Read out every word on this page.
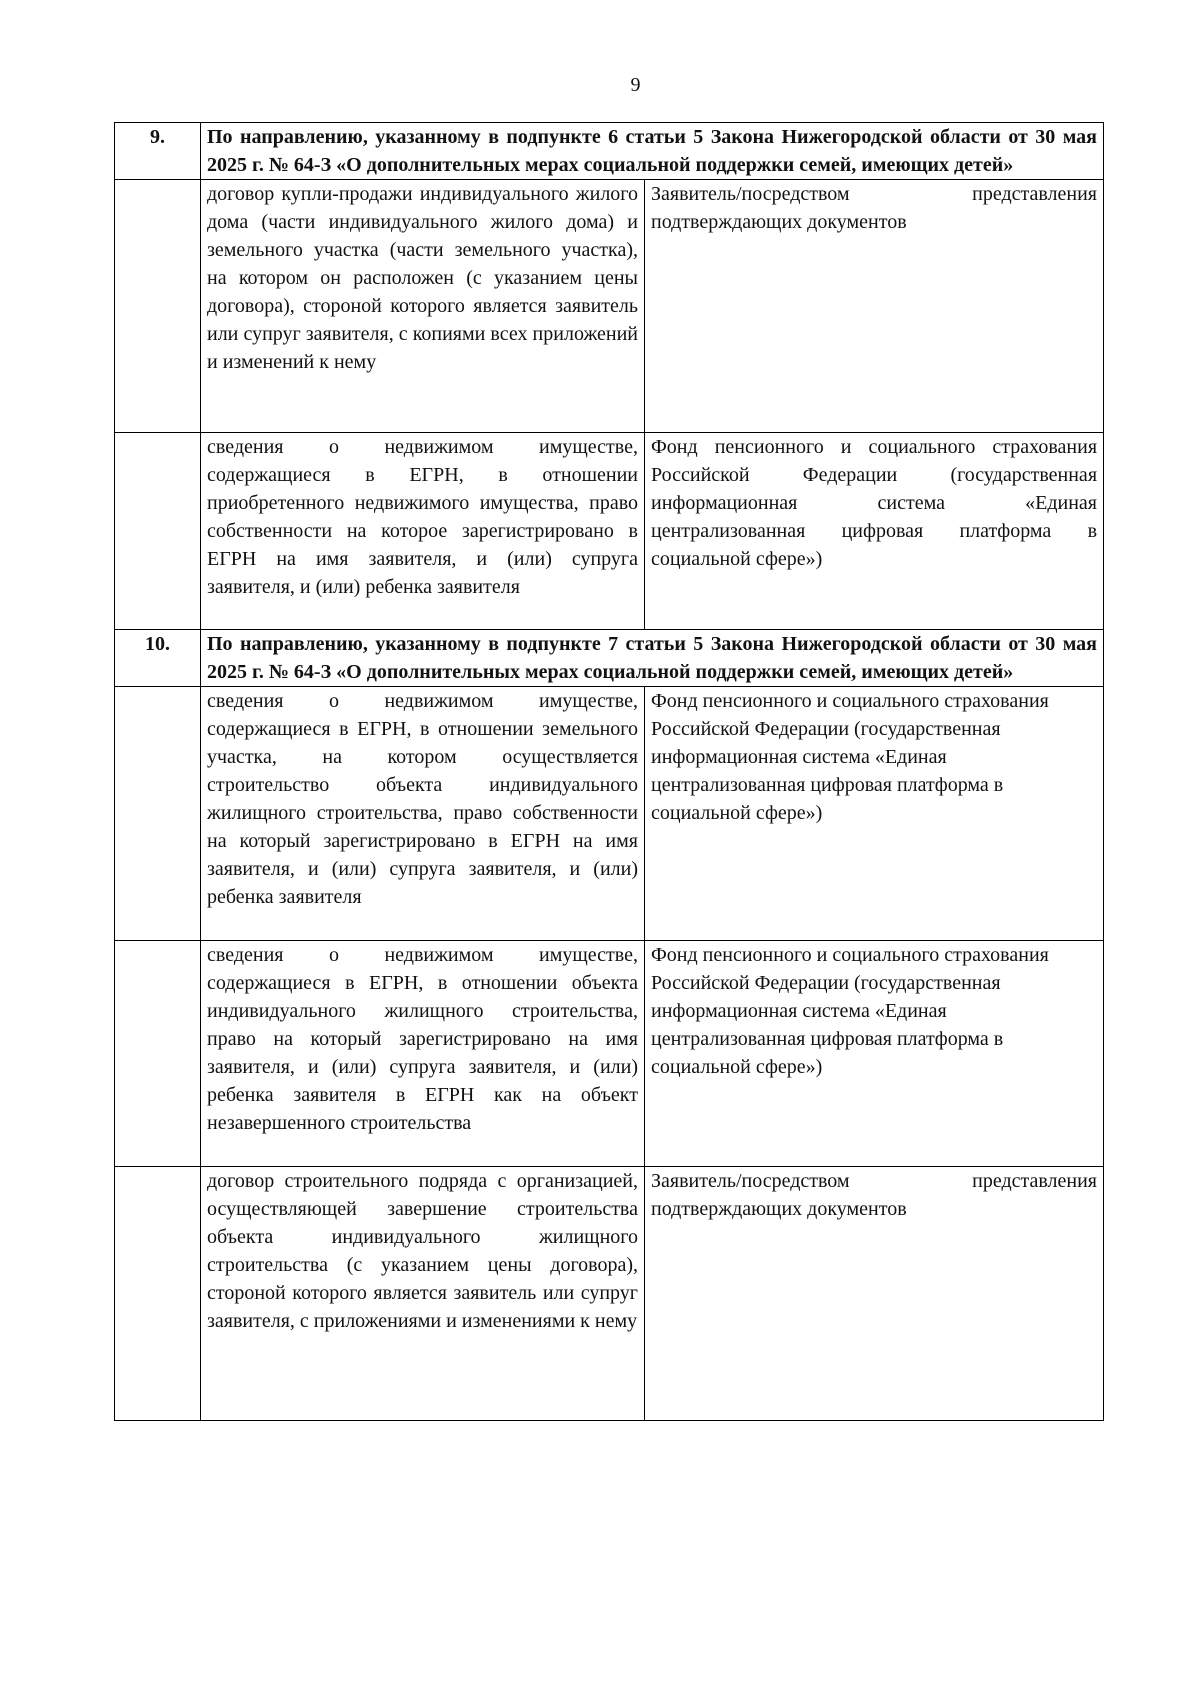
9
9.	По направлению, указанному в подпункте 6 статьи 5 Закона Нижегородской области от 30 мая 2025 г. № 64-З «О дополнительных мерах социальной поддержки семей, имеющих детей»	
	договор купли-продажи индивидуального жилого дома (части индивидуального жилого дома) и земельного участка (части земельного участка), на котором он расположен (с указанием цены договора), стороной которого является заявитель или супруг заявителя, с копиями всех приложений и изменений к нему	Заявитель/посредством представления подтверждающих документов
	сведения о недвижимом имуществе, содержащиеся в ЕГРН, в отношении приобретенного недвижимого имущества, право собственности на которое зарегистрировано в ЕГРН на имя заявителя, и (или) супруга заявителя, и (или) ребенка заявителя	Фонд пенсионного и социального страхования Российской Федерации (государственная информационная система «Единая централизованная цифровая платформа в социальной сфере»)
10.	По направлению, указанному в подпункте 7 статьи 5 Закона Нижегородской области от 30 мая 2025 г. № 64-З «О дополнительных мерах социальной поддержки семей, имеющих детей»	
	сведения о недвижимом имуществе, содержащиеся в ЕГРН, в отношении земельного участка, на котором осуществляется строительство объекта индивидуального жилищного строительства, право собственности на который зарегистрировано в ЕГРН на имя заявителя, и (или) супруга заявителя, и (или) ребенка заявителя	Фонд пенсионного и социального страхования Российской Федерации (государственная информационная система «Единая централизованная цифровая платформа в социальной сфере»)
	сведения о недвижимом имуществе, содержащиеся в ЕГРН, в отношении объекта индивидуального жилищного строительства, право на который зарегистрировано на имя заявителя, и (или) супруга заявителя, и (или) ребенка заявителя в ЕГРН как на объект незавершенного строительства	Фонд пенсионного и социального страхования Российской Федерации (государственная информационная система «Единая централизованная цифровая платформа в социальной сфере»)
	договор строительного подряда с организацией, осуществляющей завершение строительства объекта индивидуального жилищного строительства (с указанием цены договора), стороной которого является заявитель или супруг заявителя, с приложениями и изменениями к нему	Заявитель/посредством представления подтверждающих документов
